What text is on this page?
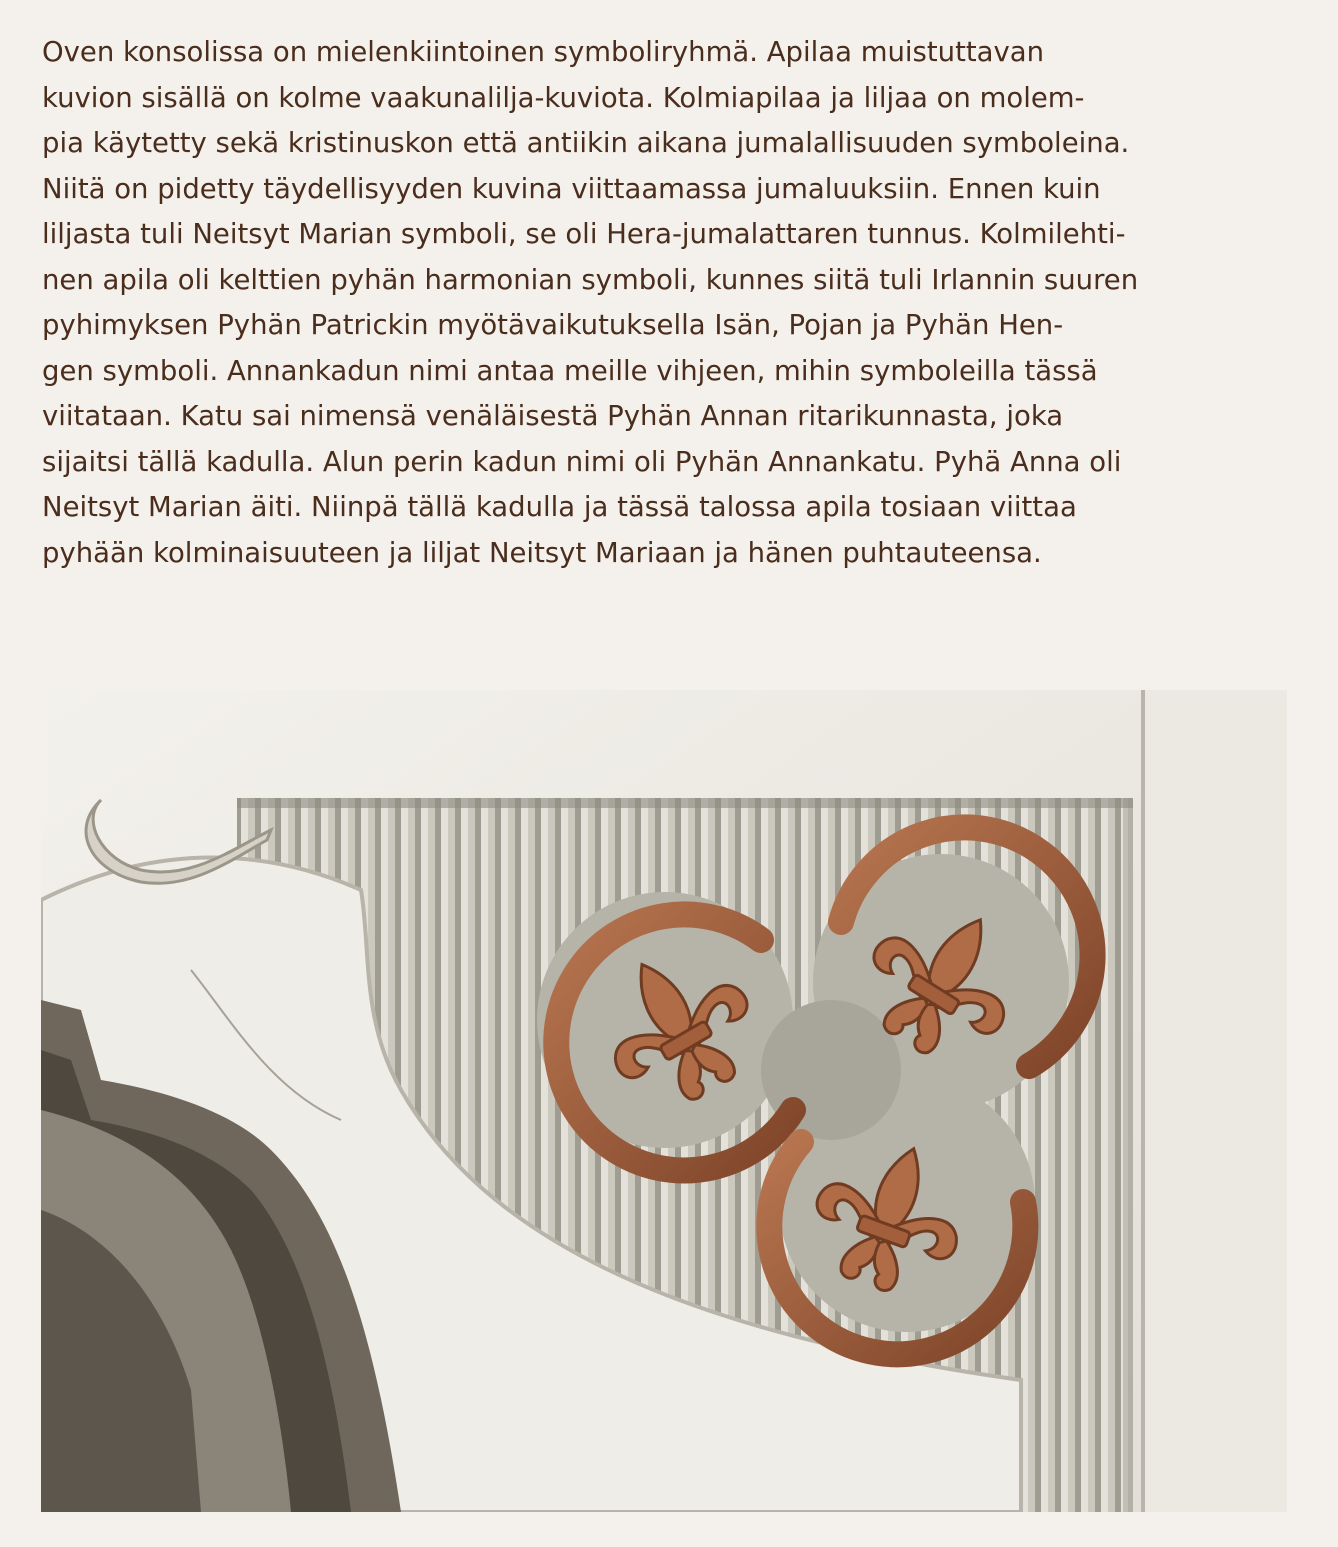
Oven konsolissa on mielenkiintoinen symboliryhmä. Apilaa muistuttavan
kuvion sisällä on kolme vaakunalilja-kuviota. Kolmiapilaa ja liljaa on molem-
pia käytetty sekä kristinuskon että antiikin aikana jumalallisuuden symboleina.
Niitä on pidetty täydellisyyden kuvina viittaamassa jumaluuksiin. Ennen kuin
liljasta tuli Neitsyt Marian symboli, se oli Hera-jumalattaren tunnus. Kolmilehti-
nen apila oli kelttien pyhän harmonian symboli, kunnes siitä tuli Irlannin suuren
pyhimyksen Pyhän Patrickin myötävaikutuksella Isän, Pojan ja Pyhän Hen-
gen symboli. Annankadun nimi antaa meille vihjeen, mihin symboleilla tässä
viitataan. Katu sai nimensä venäläisestä Pyhän Annan ritarikunnasta, joka
sijaitsi tällä kadulla. Alun perin kadun nimi oli Pyhän Annankatu. Pyhä Anna oli
Neitsyt Marian äiti. Niinpä tällä kadulla ja tässä talossa apila tosiaan viittaa
pyhään kolminaisuuteen ja liljat Neitsyt Mariaan ja hänen puhtauteensa.
